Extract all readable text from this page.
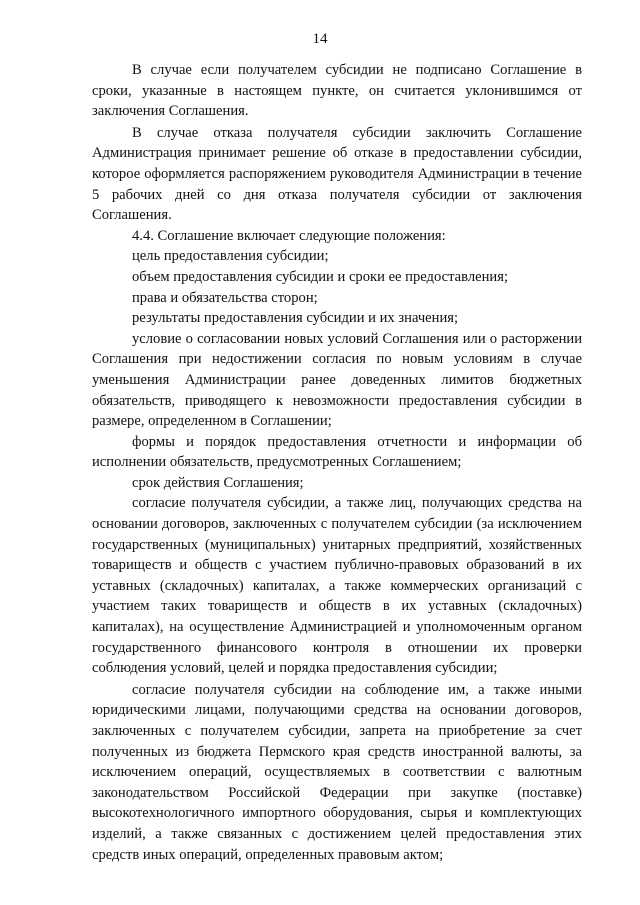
14

В случае если получателем субсидии не подписано Соглашение в сроки, указанные в настоящем пункте, он считается уклонившимся от заключения Соглашения.

В случае отказа получателя субсидии заключить Соглашение Администрация принимает решение об отказе в предоставлении субсидии, которое оформляется распоряжением руководителя Администрации в течение 5 рабочих дней со дня отказа получателя субсидии от заключения Соглашения.

4.4. Соглашение включает следующие положения:

цель предоставления субсидии;

объем предоставления субсидии и сроки ее предоставления;

права и обязательства сторон;

результаты предоставления субсидии и их значения;

условие о согласовании новых условий Соглашения или о расторжении Соглашения при недостижении согласия по новым условиям в случае уменьшения Администрации ранее доведенных лимитов бюджетных обязательств, приводящего к невозможности предоставления субсидии в размере, определенном в Соглашении;

формы и порядок предоставления отчетности и информации об исполнении обязательств, предусмотренных Соглашением;

срок действия Соглашения;

согласие получателя субсидии, а также лиц, получающих средства на основании договоров, заключенных с получателем субсидии (за исключением государственных (муниципальных) унитарных предприятий, хозяйственных товариществ и обществ с участием публично-правовых образований в их уставных (складочных) капиталах, а также коммерческих организаций с участием таких товариществ и обществ в их уставных (складочных) капиталах), на осуществление Администрацией и уполномоченным органом государственного финансового контроля в отношении их проверки соблюдения условий, целей и порядка предоставления субсидии;

согласие получателя субсидии на соблюдение им, а также иными юридическими лицами, получающими средства на основании договоров, заключенных с получателем субсидии, запрета на приобретение за счет полученных из бюджета Пермского края средств иностранной валюты, за исключением операций, осуществляемых в соответствии с валютным законодательством Российской Федерации при закупке (поставке) высокотехнологичного импортного оборудования, сырья и комплектующих изделий, а также связанных с достижением целей предоставления этих средств иных операций, определенных правовым актом;
